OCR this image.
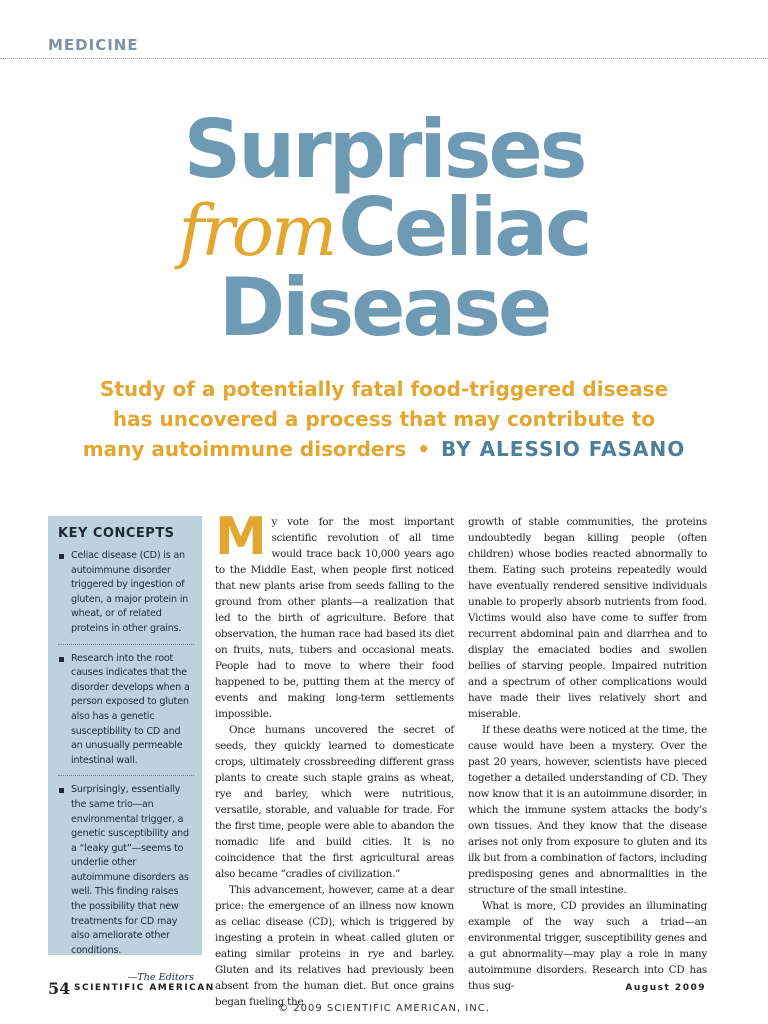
MEDICINE
Surprises
fromCeliac
Disease
Study of a potentially fatal food-triggered disease has uncovered a process that may contribute to many autoimmune disorders • BY ALESSIO FASANO
KEY CONCEPTS
Celiac disease (CD) is an autoimmune disorder triggered by ingestion of gluten, a major protein in wheat, or of related proteins in other grains.
Research into the root causes indicates that the disorder develops when a person exposed to gluten also has a genetic susceptibility to CD and an unusually permeable intestinal wall.
Surprisingly, essentially the same trio—an environmental trigger, a genetic susceptibility and a “leaky gut”—seems to underlie other autoimmune disorders as well. This finding raises the possibility that new treatments for CD may also ameliorate other conditions.
—The Editors

My vote for the most important scientific revolution of all time would trace back 10,000 years ago to the Middle East, when people first noticed that new plants arise from seeds falling to the ground from other plants—a realization that led to the birth of agriculture. Before that observation, the human race had based its diet on fruits, nuts, tubers and occasional meats. People had to move to where their food happened to be, putting them at the mercy of events and making long-term settlements impossible.

Once humans uncovered the secret of seeds, they quickly learned to domesticate crops, ultimately crossbreeding different grass plants to create such staple grains as wheat, rye and barley, which were nutritious, versatile, storable, and valuable for trade. For the first time, people were able to abandon the nomadic life and build cities. It is no coincidence that the first agricultural areas also became “cradles of civilization.”

This advancement, however, came at a dear price: the emergence of an illness now known as celiac disease (CD), which is triggered by ingesting a protein in wheat called gluten or eating similar proteins in rye and barley. Gluten and its relatives had previously been absent from the human diet. But once grains began fueling the

growth of stable communities, the proteins undoubtedly began killing people (often children) whose bodies reacted abnormally to them. Eating such proteins repeatedly would have eventually rendered sensitive individuals unable to properly absorb nutrients from food. Victims would also have come to suffer from recurrent abdominal pain and diarrhea and to display the emaciated bodies and swollen bellies of starving people. Impaired nutrition and a spectrum of other complications would have made their lives relatively short and miserable.

If these deaths were noticed at the time, the cause would have been a mystery. Over the past 20 years, however, scientists have pieced together a detailed understanding of CD. They now know that it is an autoimmune disorder, in which the immune system attacks the body’s own tissues. And they know that the disease arises not only from exposure to gluten and its ilk but from a combination of factors, including predisposing genes and abnormalities in the structure of the small intestine.

What is more, CD provides an illuminating example of the way such a triad—an environmental trigger, susceptibility genes and a gut abnormality—may play a role in many autoimmune disorders. Research into CD has thus sug-

54 SCIENTIFIC AMERICAN	August 2009
© 2009 SCIENTIFIC AMERICAN, INC.
